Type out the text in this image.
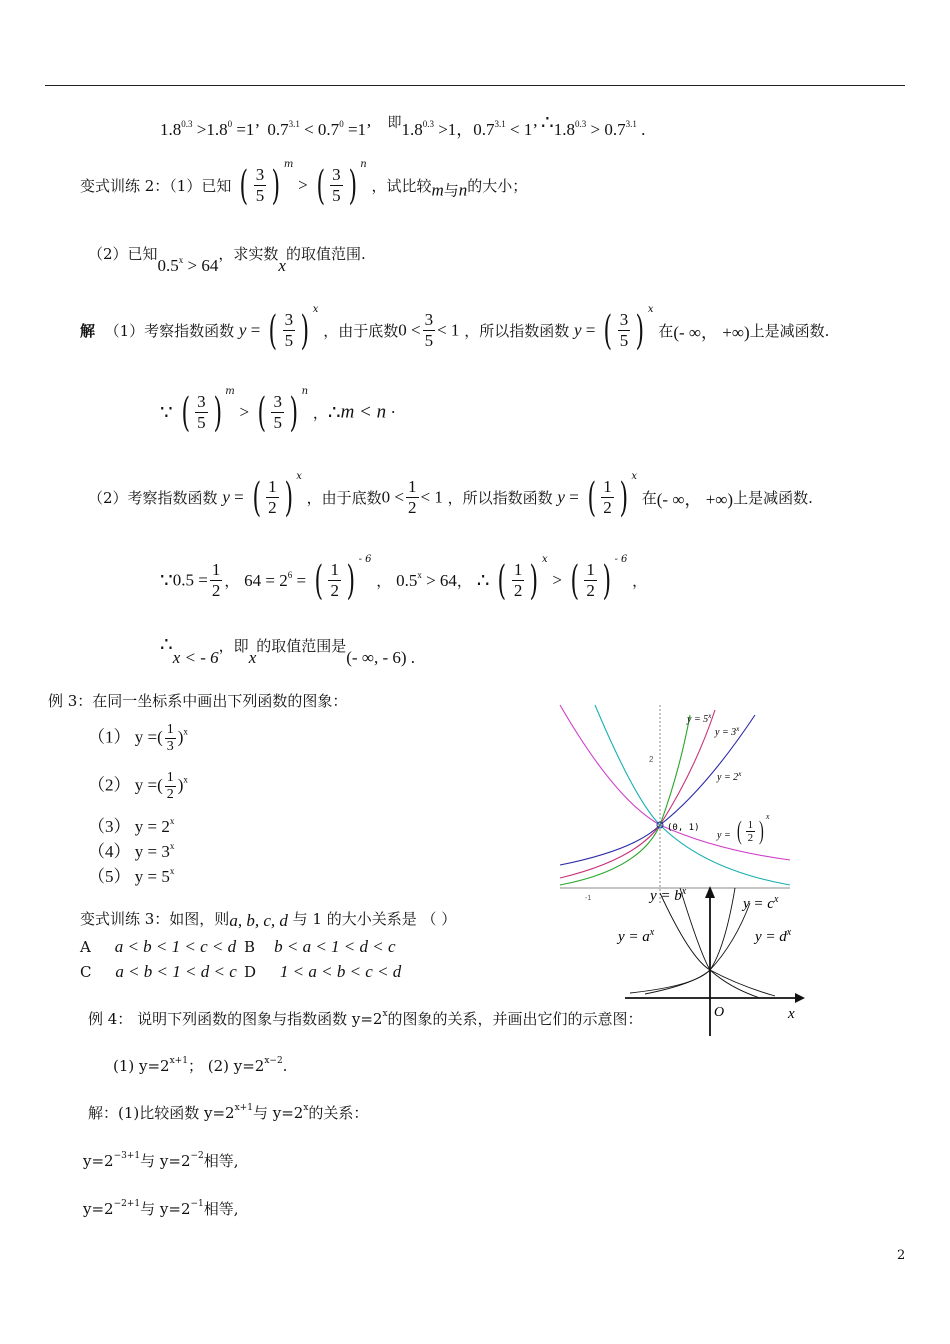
$1.8^{0.3} >1.8^0 =1$’ $0.7^{3.1} < 0.7^0 =1$’ $^即1.8^{0.3} >1$，$0.7^{3.1} < 1$’ $\therefore 1.8^{0.3} > 0.7^{3.1}$ .
变式训练 2：（1）已知 ( $\frac{3}{5}$ ) m > ( $\frac{3}{5}$ ) n ，试比较m与n的大小；
（2）已知$0.5^x > 64$，求实数x的取值范围.
解 （1）考察指数函数 y = ( $\frac{3}{5}$ ) x ，由于底数$0 < \frac{3}{5} < 1$ ，所以指数函数 y = ( $\frac{3}{5}$ ) x 在(- ∞， +∞)上是减函数.
∵ ( $\frac{3}{5}$ ) m > ( $\frac{3}{5}$ ) n ，∴m < n ·
（2）考察指数函数 y = ( $\frac{1}{2}$ ) x ，由于底数$0 < \frac{1}{2} < 1$ ，所以指数函数 y = ( $\frac{1}{2}$ ) x 在(- ∞， +∞)上是减函数.
∵0.5 = $\frac{1}{2}$ ， $64 = 2^6$ = ( $\frac{1}{2}$ ) - 6 ， $0.5^x > 64$， ∴ ( $\frac{1}{2}$ ) x > ( $\frac{1}{2}$ ) - 6 ，
∴x < - 6，即x的取值范围是(- ∞, - 6) .
例 3：在同一坐标系中画出下列函数的图象：
（1） y =( $\frac{1}{3} )^x$
（2） y =( $\frac{1}{2} )^x$
（3） $y = 2^x$
（4） $y = 3^x$
（5） $y = 5^x$
$y = 5^x$
$y = 3^x$
$y = 2^x$
y =
(0, 1)
2
-1
( $\frac{1}{2}$ ) x
变式训练 3：如图，则a, b, c, d 与 1 的大小关系是 （ ）
A a < b < 1 < c < d B b < a < 1 < d < c
C a < b < 1 < d < c D 1 < a < b < c < d
$y = b^x$
$y = c^x$
$y = a^x$	$y = d^x$
O	x
例 4： 说明下列函数的图象与指数函数 $y=2^x$的图象的关系，并画出它们的示意图：
(1) $y=2^{x+1}$； (2) $y=2^{x-2}$.
解：(1)比较函数 $y=2^{x+1}$与 $y=2^x$的关系：
$y=2^{-3+1}$与 $y=2^{-2}$相等,
$y=2^{-2+1}$与 $y=2^{-1}$相等,
2
